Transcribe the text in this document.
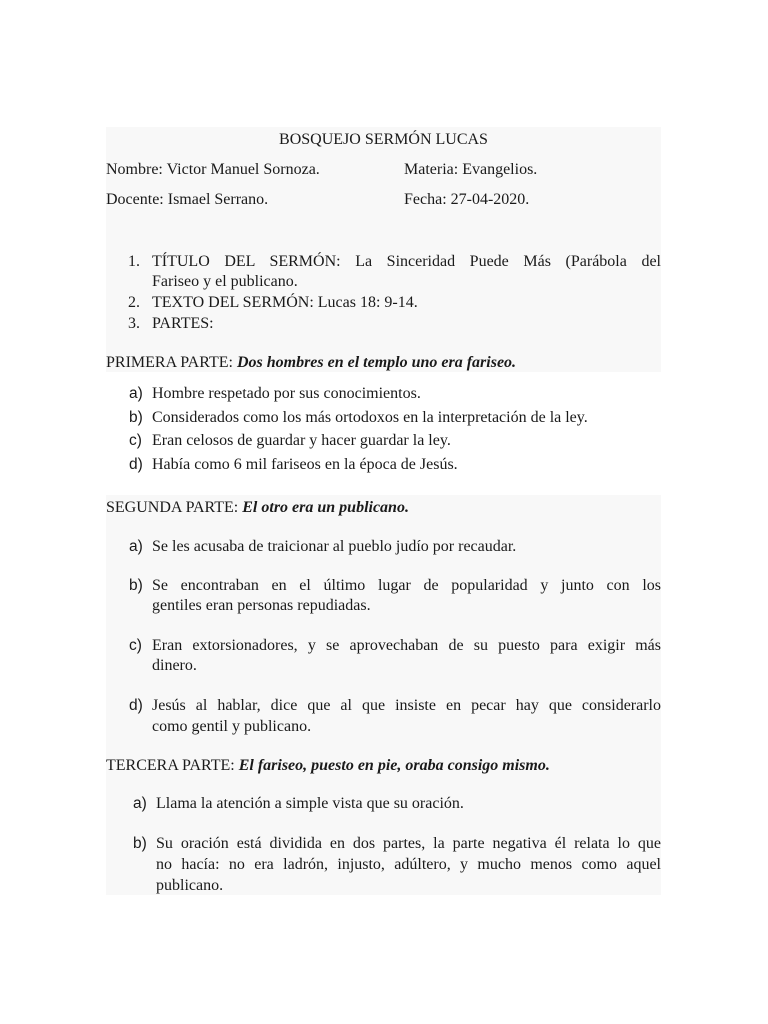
BOSQUEJO SERMÓN LUCAS
Nombre: Victor Manuel Sornoza.	Materia: Evangelios.
Docente: Ismael Serrano.	Fecha: 27-04-2020.
1. TÍTULO DEL SERMÓN: La Sinceridad Puede Más (Parábola del
Fariseo y el publicano.
2. TEXTO DEL SERMÓN: Lucas 18: 9-14.
3. PARTES:
PRIMERA PARTE: Dos hombres en el templo uno era fariseo.
a) Hombre respetado por sus conocimientos.
b) Considerados como los más ortodoxos en la interpretación de la ley.
c) Eran celosos de guardar y hacer guardar la ley.
d) Había como 6 mil fariseos en la época de Jesús.
SEGUNDA PARTE: El otro era un publicano.
a) Se les acusaba de traicionar al pueblo judío por recaudar.
b) Se encontraban en el último lugar de popularidad y junto con los
gentiles eran personas repudiadas.
c) Eran extorsionadores, y se aprovechaban de su puesto para exigir más
dinero.
d) Jesús al hablar, dice que al que insiste en pecar hay que considerarlo
como gentil y publicano.
TERCERA PARTE: El fariseo, puesto en pie, oraba consigo mismo.
a) Llama la atención a simple vista que su oración.
b) Su oración está dividida en dos partes, la parte negativa él relata lo que
no hacía: no era ladrón, injusto, adúltero, y mucho menos como aquel
publicano.
